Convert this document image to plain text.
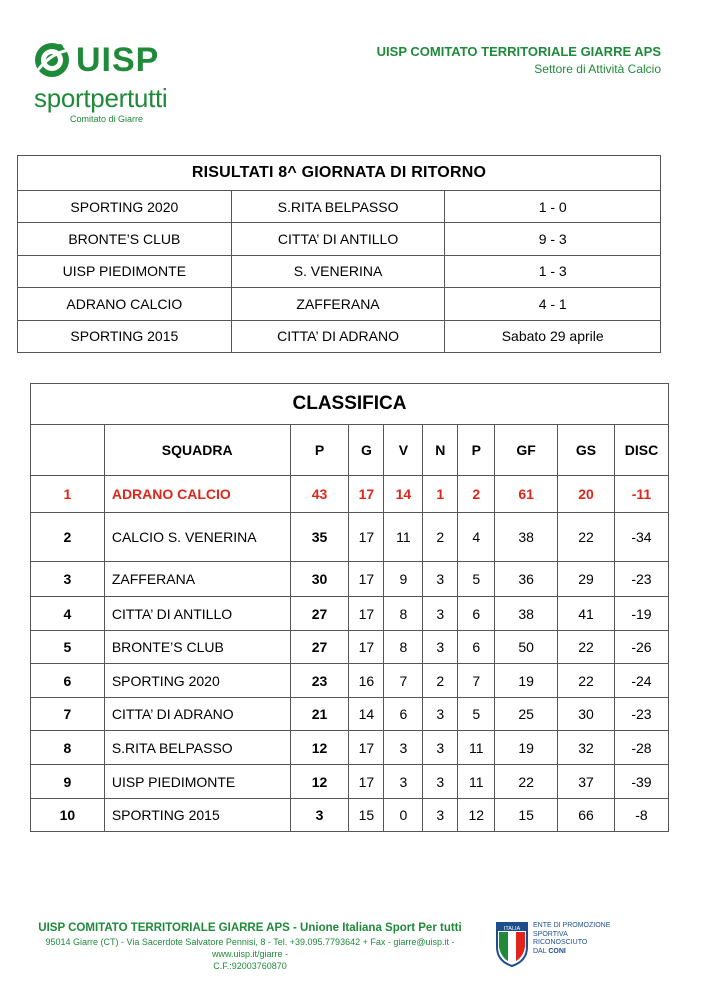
UISP
sportpertutti
Comitato di Giarre
UISP COMITATO TERRITORIALE GIARRE APS
Settore di Attività Calcio
RISULTATI 8^ GIORNATA DI RITORNO		
SPORTING 2020	S.RITA BELPASSO	1 - 0
BRONTE’S CLUB	CITTA’ DI ANTILLO	9 - 3
UISP PIEDIMONTE	S. VENERINA	1 - 3
ADRANO CALCIO	ZAFFERANA	4 - 1
SPORTING 2015	CITTA’ DI ADRANO	Sabato 29 aprile
CLASSIFICA									
	SQUADRA	P	G	V	N	P	GF	GS	DISC
1	ADRANO CALCIO	43	17	14	1	2	61	20	-11
2	CALCIO S. VENERINA	35	17	11	2	4	38	22	-34
3	ZAFFERANA	30	17	9	3	5	36	29	-23
4	CITTA’ DI ANTILLO	27	17	8	3	6	38	41	-19
5	BRONTE’S CLUB	27	17	8	3	6	50	22	-26
6	SPORTING 2020	23	16	7	2	7	19	22	-24
7	CITTA’ DI ADRANO	21	14	6	3	5	25	30	-23
8	S.RITA BELPASSO	12	17	3	3	11	19	32	-28
9	UISP PIEDIMONTE	12	17	3	3	11	22	37	-39
10	SPORTING 2015	3	15	0	3	12	15	66	-8
UISP COMITATO TERRITORIALE GIARRE APS - Unione Italiana Sport Per tutti
95014 Giarre (CT) - Via Sacerdote Salvatore Pennisi, 8 - Tel. +39.095.7793642 + Fax - giarre@uisp.it - www.uisp.it/giarre -
C.F.:92003760870
ITALIA ENTE DI PROMOZIONE
SPORTIVA
RICONOSCIUTO
DAL CONI
